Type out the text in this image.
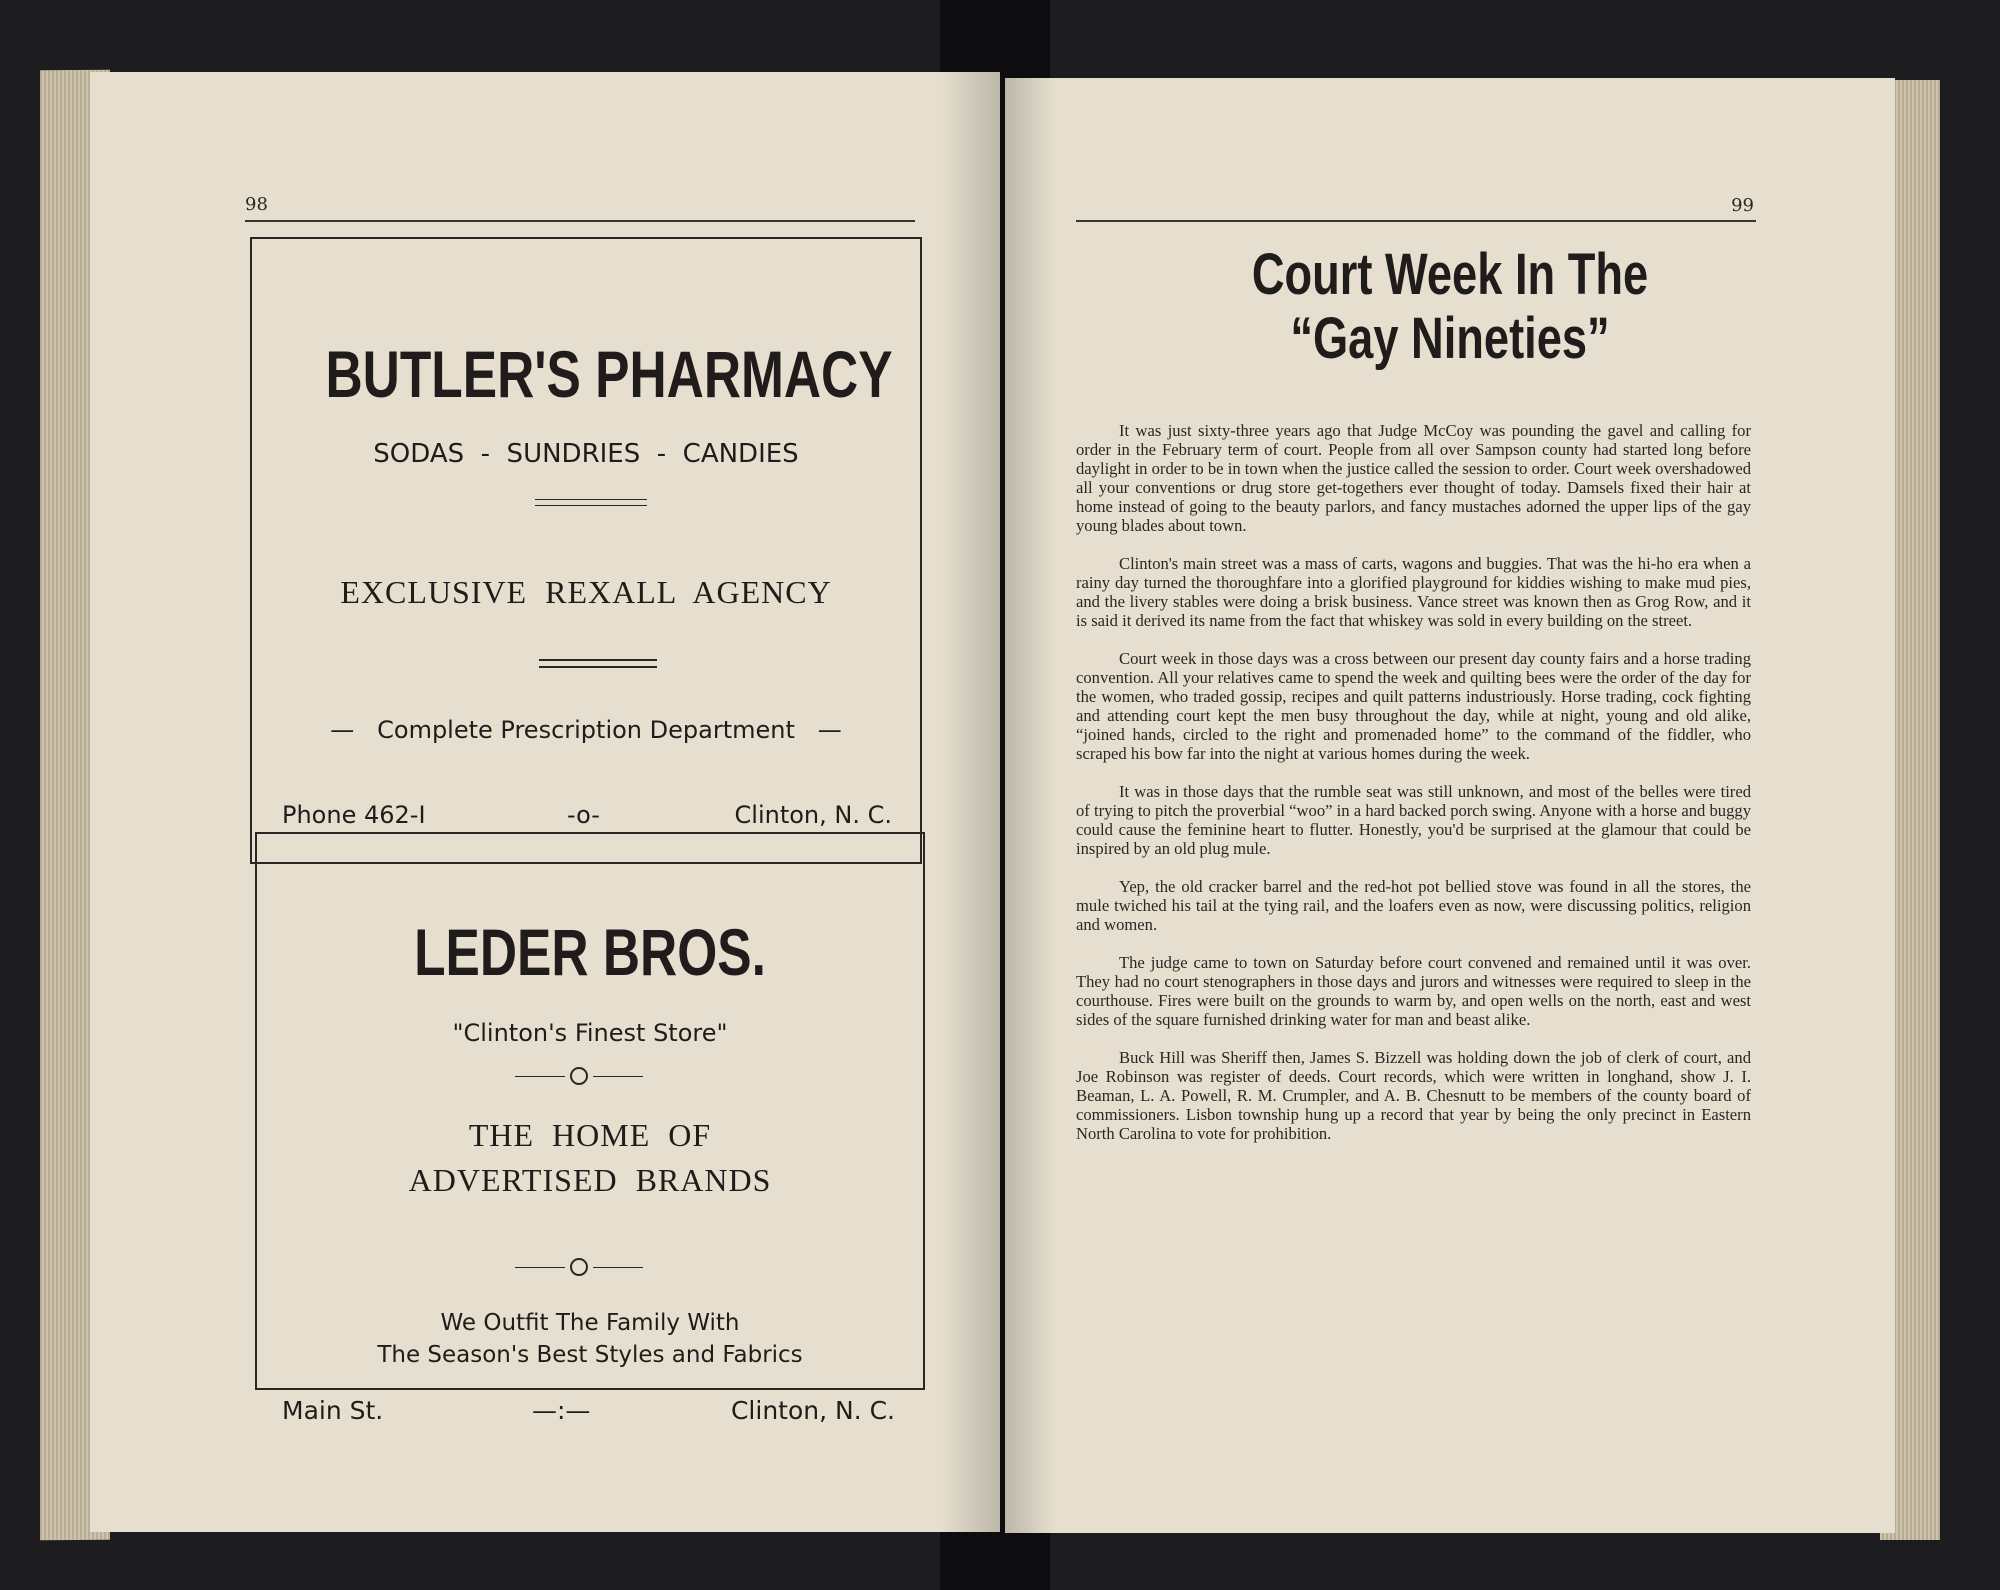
98
BUTLER'S PHARMACY
SODAS  -  SUNDRIES  -  CANDIES
EXCLUSIVE  REXALL  AGENCY
—   Complete Prescription Department   —
Phone 462-I	-o-	Clinton, N. C.
LEDER BROS.
"Clinton's Finest Store"
THE  HOME  OF
ADVERTISED  BRANDS
We Outfit The Family With
The Season's Best Styles and Fabrics
Main St.	—:—	Clinton, N. C.
99
Court Week In The
“Gay Nineties”

It was just sixty-three years ago that Judge McCoy was pounding the gavel and calling for order in the February term of court. People from all over Sampson county had started long before daylight in order to be in town when the justice called the session to order. Court week overshadowed all your conventions or drug store get-togethers ever thought of today. Damsels fixed their hair at home instead of going to the beauty parlors, and fancy mustaches adorned the upper lips of the gay young blades about town.

Clinton's main street was a mass of carts, wagons and buggies. That was the hi-ho era when a rainy day turned the thoroughfare into a glorified playground for kiddies wishing to make mud pies, and the livery stables were doing a brisk business. Vance street was known then as Grog Row, and it is said it derived its name from the fact that whiskey was sold in every building on the street.

Court week in those days was a cross between our present day county fairs and a horse trading convention. All your relatives came to spend the week and quilting bees were the order of the day for the women, who traded gossip, recipes and quilt patterns industriously. Horse trading, cock fighting and attending court kept the men busy throughout the day, while at night, young and old alike, “joined hands, circled to the right and promenaded home” to the command of the fiddler, who scraped his bow far into the night at various homes during the week.

It was in those days that the rumble seat was still unknown, and most of the belles were tired of trying to pitch the proverbial “woo” in a hard backed porch swing. Anyone with a horse and buggy could cause the feminine heart to flutter. Honestly, you'd be surprised at the glamour that could be inspired by an old plug mule.

Yep, the old cracker barrel and the red-hot pot bellied stove was found in all the stores, the mule twiched his tail at the tying rail, and the loafers even as now, were discussing politics, religion and women.

The judge came to town on Saturday before court convened and remained until it was over. They had no court stenographers in those days and jurors and witnesses were required to sleep in the courthouse. Fires were built on the grounds to warm by, and open wells on the north, east and west sides of the square furnished drinking water for man and beast alike.

Buck Hill was Sheriff then, James S. Bizzell was holding down the job of clerk of court, and Joe Robinson was register of deeds. Court records, which were written in longhand, show J. I. Beaman, L. A. Powell, R. M. Crumpler, and A. B. Chesnutt to be members of the county board of commissioners. Lisbon township hung up a record that year by being the only precinct in Eastern North Carolina to vote for prohibition.
